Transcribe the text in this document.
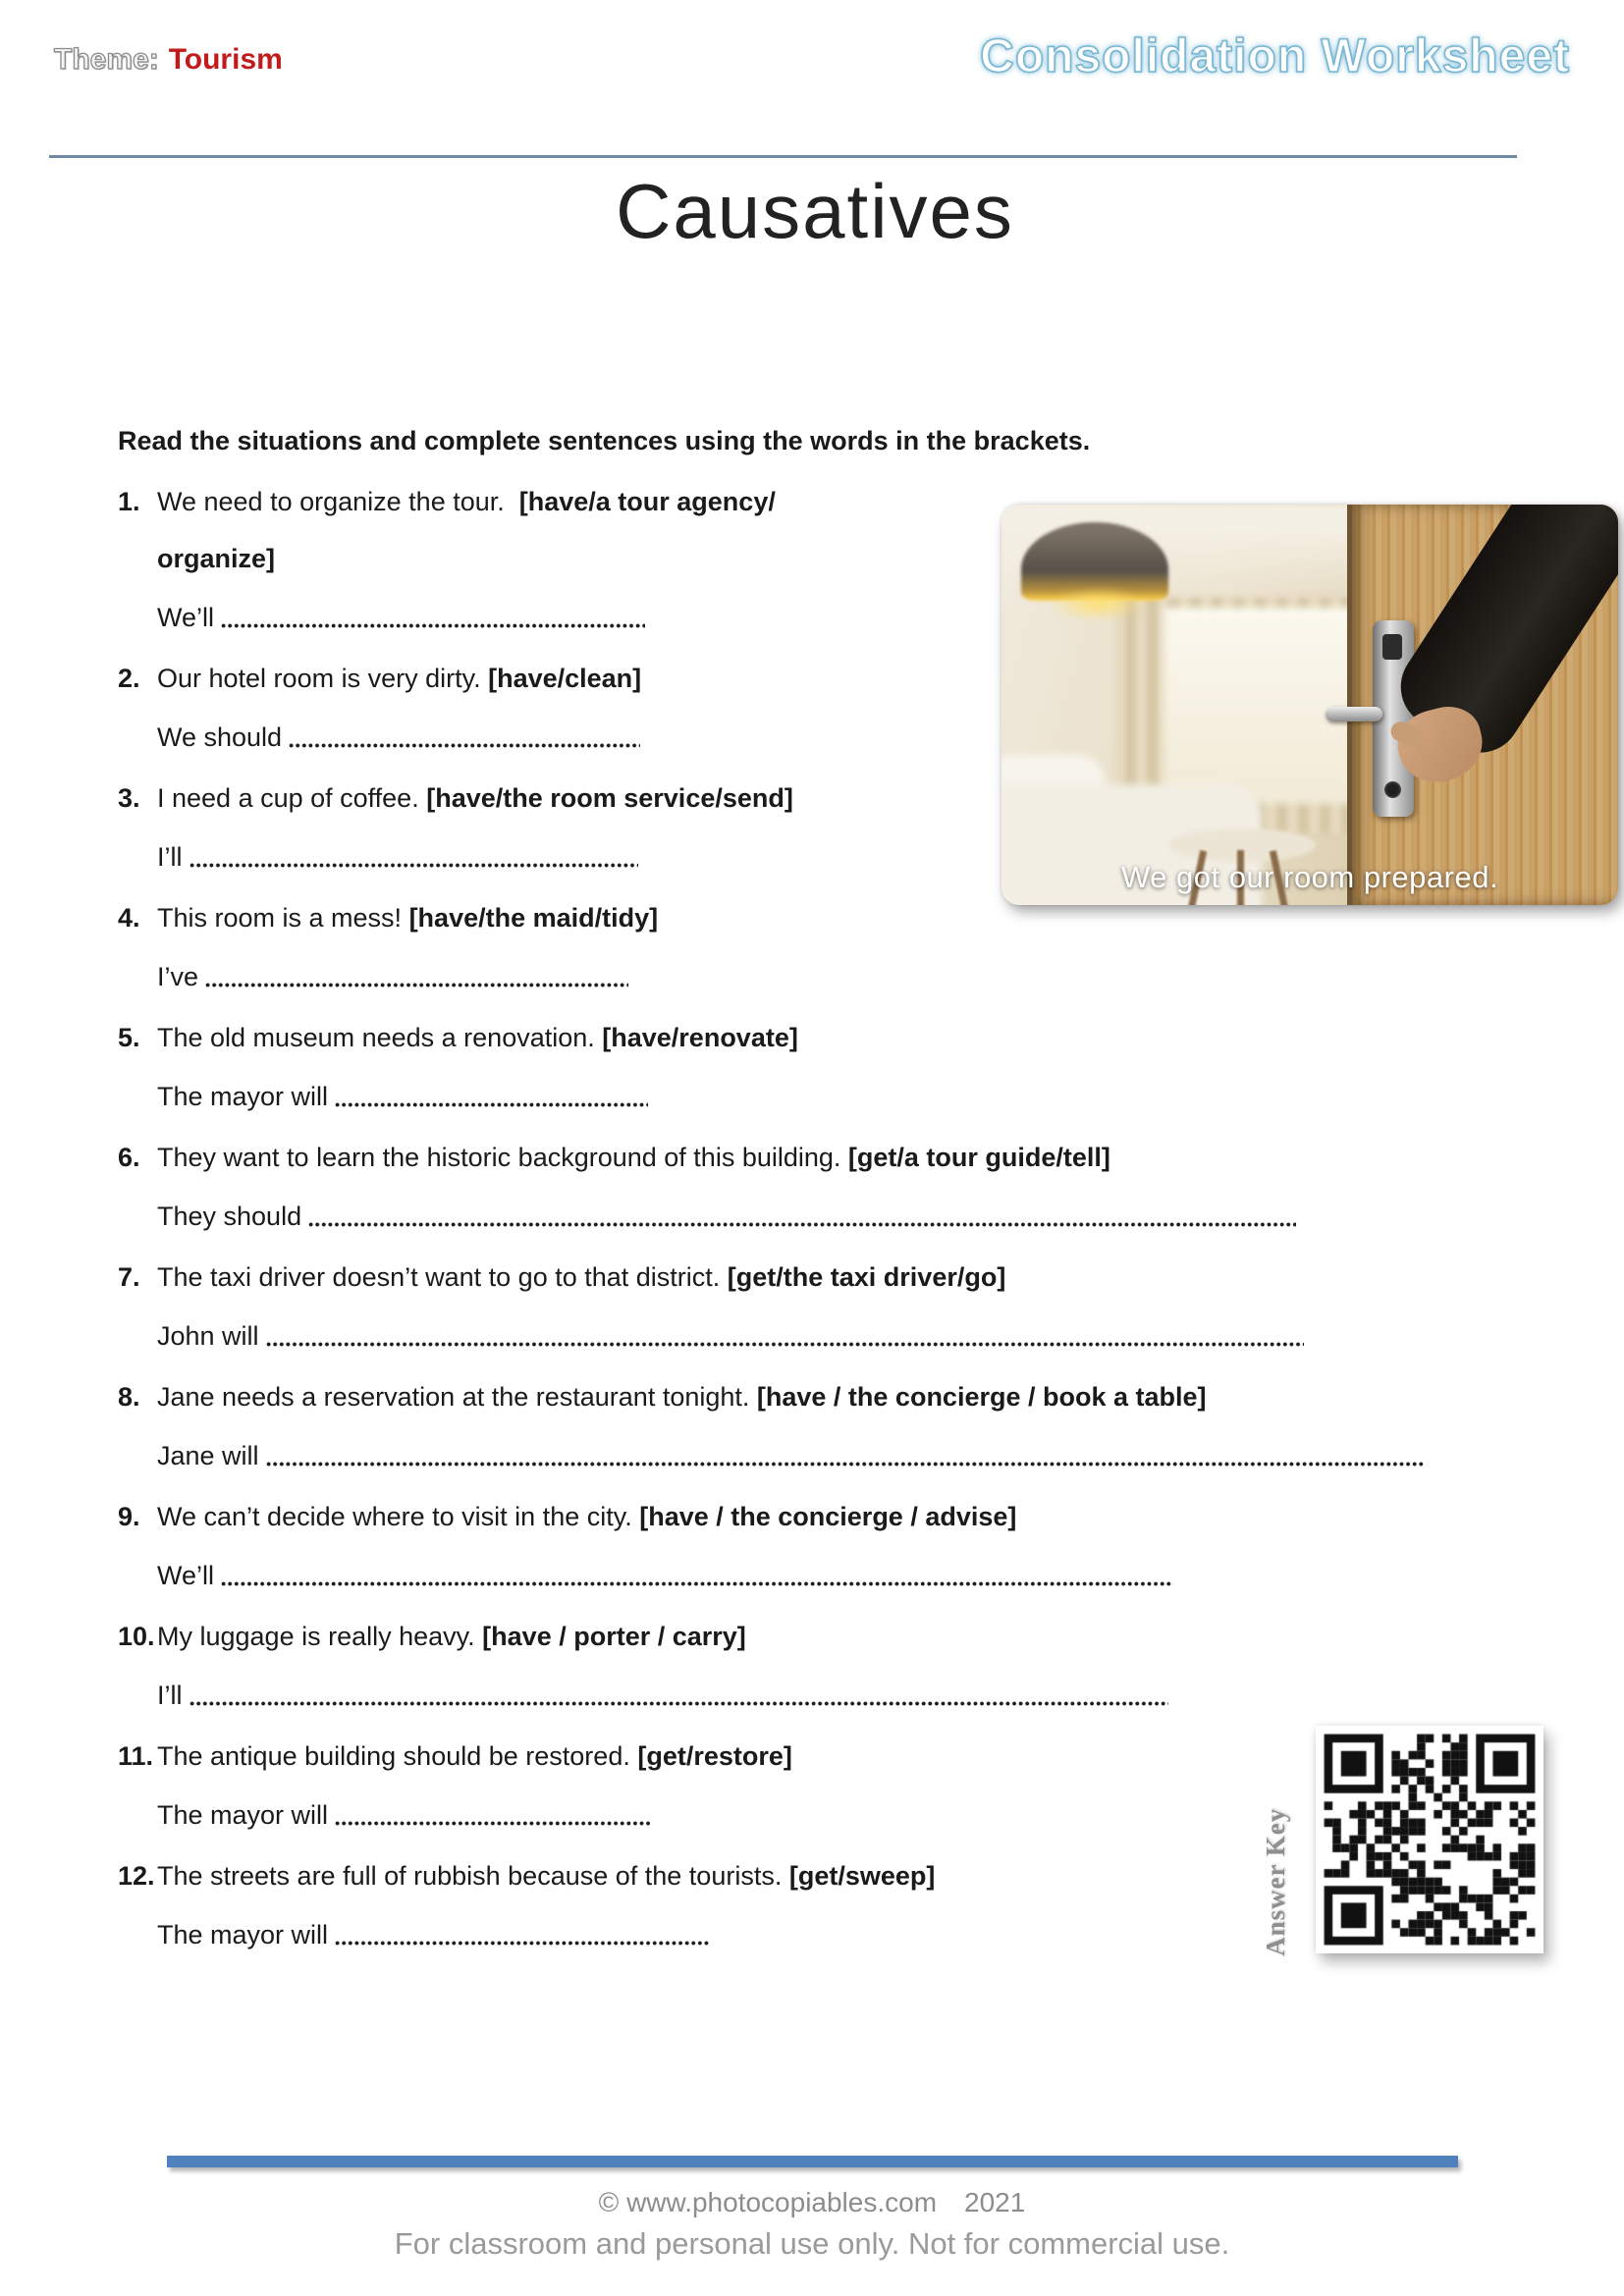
Theme: Tourism	Consolidation Worksheet
Causatives
Read the situations and complete sentences using the words in the brackets.
1. We need to organize the tour.  [have/a tour agency/
organize]
We’ll
2. Our hotel room is very dirty. [have/clean]
We should
3. I need a cup of coffee. [have/the room service/send]
I’ll
4. This room is a mess! [have/the maid/tidy]
I’ve
5. The old museum needs a renovation. [have/renovate]
The mayor will
6. They want to learn the historic background of this building. [get/a tour guide/tell]
They should
7. The taxi driver doesn’t want to go to that district. [get/the taxi driver/go]
John will
8. Jane needs a reservation at the restaurant tonight. [have / the concierge / book a table]
Jane will
9. We can’t decide where to visit in the city. [have / the concierge / advise]
We’ll
10. My luggage is really heavy. [have / porter / carry]
I’ll
11. The antique building should be restored. [get/restore]
The mayor will
12. The streets are full of rubbish because of the tourists. [get/sweep]
The mayor will
We got our room prepared.
Answer Key
© www.photocopiables.com 2021
For classroom and personal use only. Not for commercial use.
